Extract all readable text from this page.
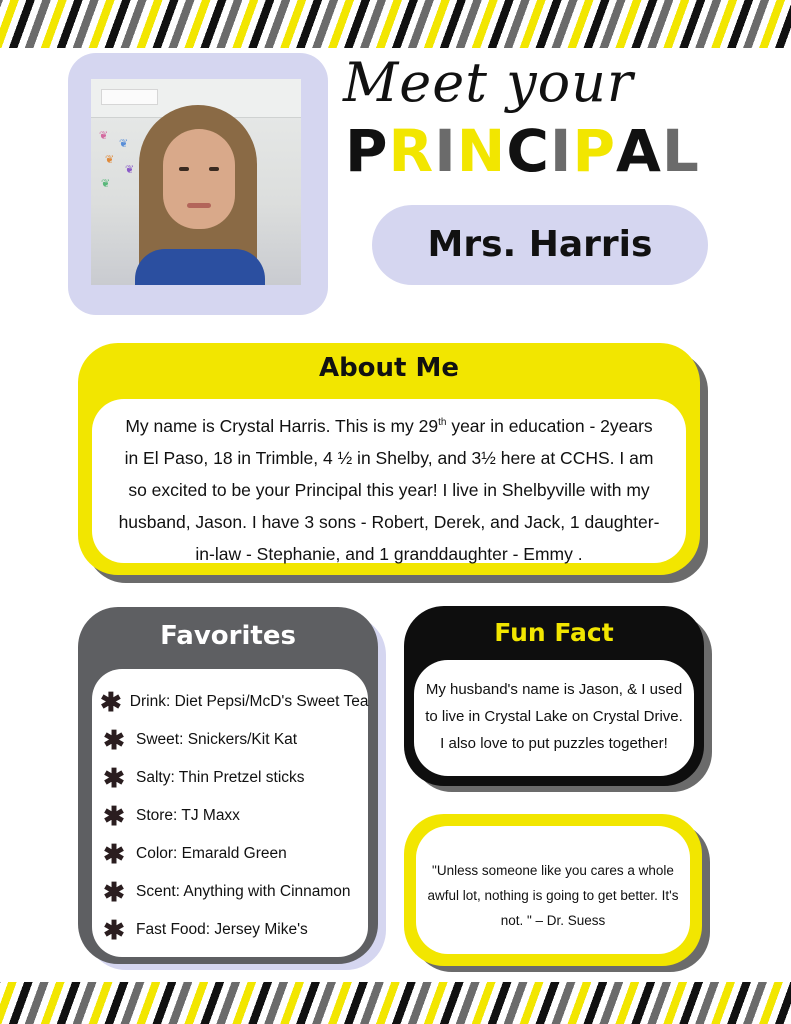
❦
❦
❦
❦
❦
Meet your
PRINCIPAL
Mrs. Harris
About Me
My name is Crystal Harris. This is my 29th year in education - 2years in El Paso, 18 in Trimble, 4 ½ in Shelby, and 3½ here at CCHS. I am so excited to be your Principal this year! I live in Shelbyville with my husband, Jason. I have 3 sons - Robert, Derek, and Jack, 1 daughter-in-law - Stephanie, and 1 granddaughter - Emmy .
Favorites
✱ Drink: Diet Pepsi/McD's Sweet Tea
✱ Sweet: Snickers/Kit Kat
✱ Salty: Thin Pretzel sticks
✱ Store: TJ Maxx
✱ Color: Emarald Green
✱ Scent: Anything with Cinnamon
✱ Fast Food: Jersey Mike's
Fun Fact
My husband's name is Jason, & I used to live in Crystal Lake on Crystal Drive. I also love to put puzzles together!
"Unless someone like you cares a whole awful lot, nothing is going to get better. It's not. " – Dr. Suess
